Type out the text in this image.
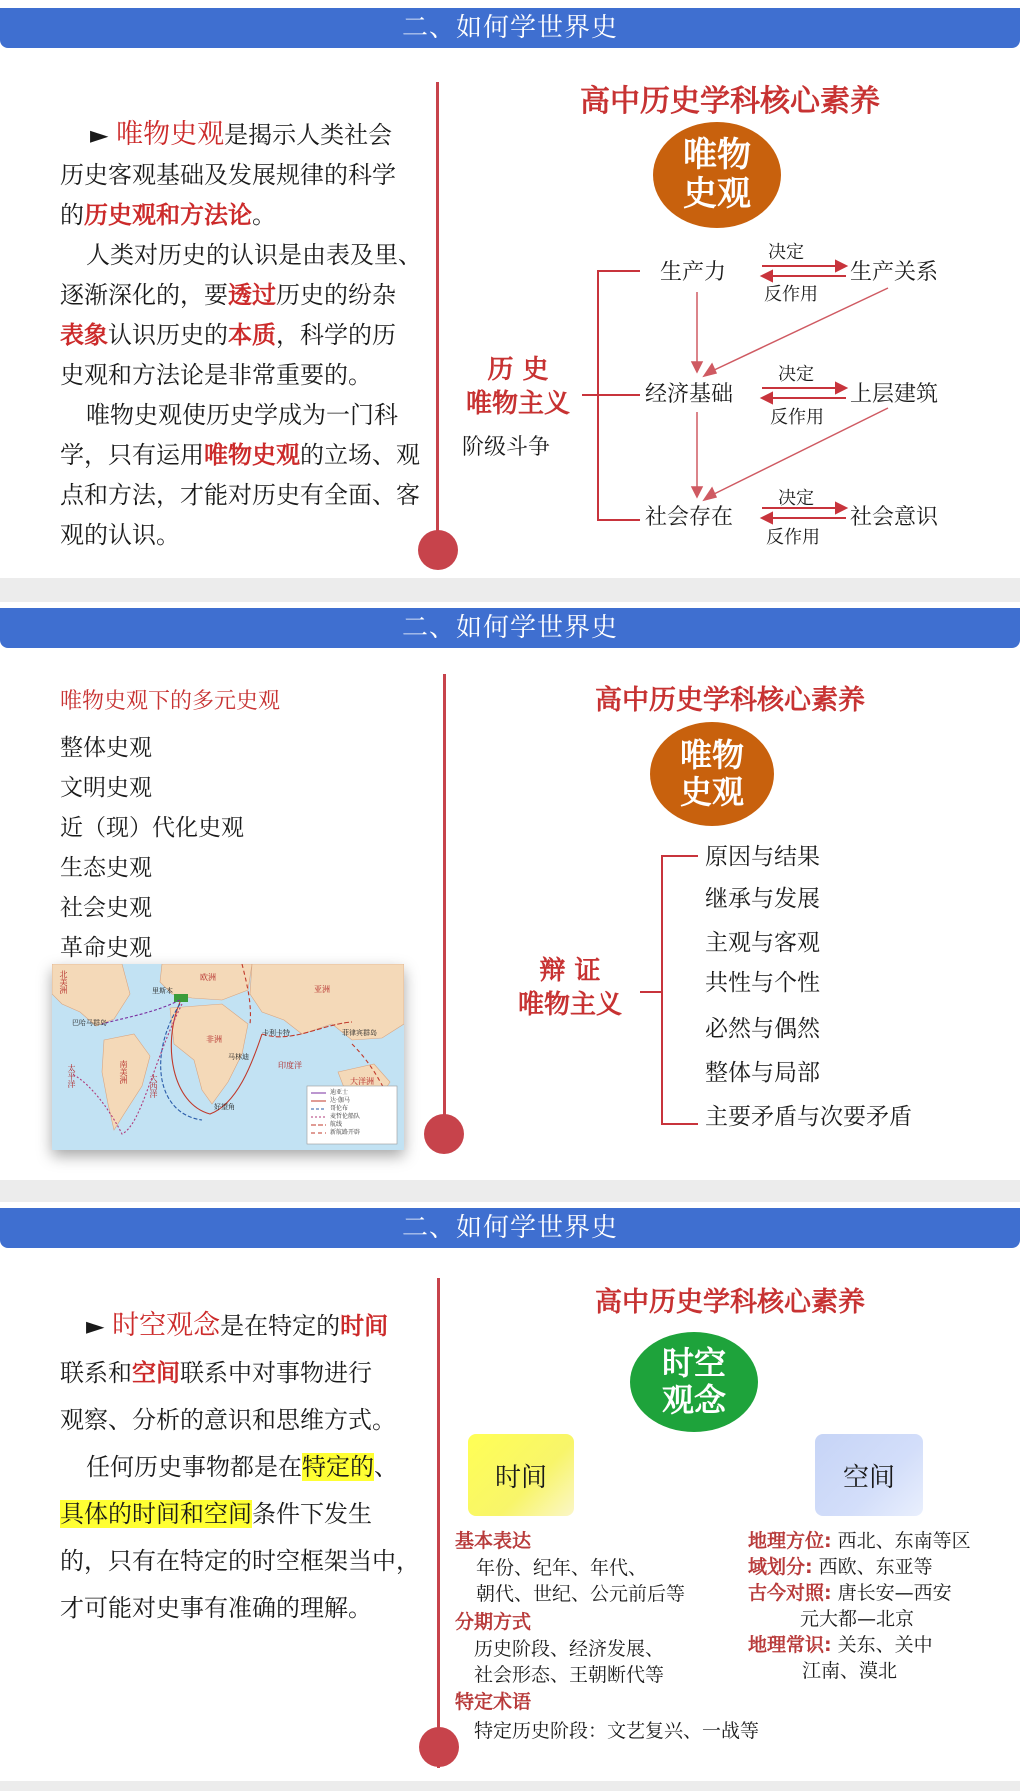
二、如何学世界史
► 唯物史观是揭示人类社会
历史客观基础及发展规律的科学
的历史观和方法论。
人类对历史的认识是由表及里、
逐渐深化的，要透过历史的纷杂
表象认识历史的本质，科学的历
史观和方法论是非常重要的。
唯物史观使历史学成为一门科
学，只有运用唯物史观的立场、观
点和方法，才能对历史有全面、客
观的认识。
高中历史学科核心素养
唯物
史观
历 史
唯物主义
阶级斗争
生产力	生产关系
决定
反作用
经济基础	上层建筑
决定
反作用
社会存在	社会意识
决定
反作用
二、如何学世界史
唯物史观下的多元史观
整体史观
文明史观
近（现）代化史观
生态史观
社会史观
革命史观
北美洲
南美洲
欧洲
非洲
亚洲
大洋洲
大西洋
印度洋
太平洋
里斯本
巴哈马群岛
卡利卡特
马林迪
好望角
菲律宾群岛
迪亚士
达·伽马
哥伦布
麦哲伦船队
航线
新航路开辟
高中历史学科核心素养
唯物
史观
辩 证
唯物主义
原因与结果
继承与发展
主观与客观
共性与个性
必然与偶然
整体与局部
主要矛盾与次要矛盾
二、如何学世界史
► 时空观念是在特定的时间
联系和空间联系中对事物进行
观察、分析的意识和思维方式。
任何历史事物都是在特定的、
具体的时间和空间条件下发生
的，只有在特定的时空框架当中，
才可能对史事有准确的理解。
高中历史学科核心素养
时空
观念
时间	空间
基本表达
年份、纪年、年代、
朝代、世纪、公元前后等
分期方式
历史阶段、经济发展、
社会形态、王朝断代等
特定术语
特定历史阶段：文艺复兴、一战等
地理方位: 西北、东南等区
域划分: 西欧、东亚等
古今对照: 唐长安—西安
元大都—北京
地理常识: 关东、关中
江南、漠北
